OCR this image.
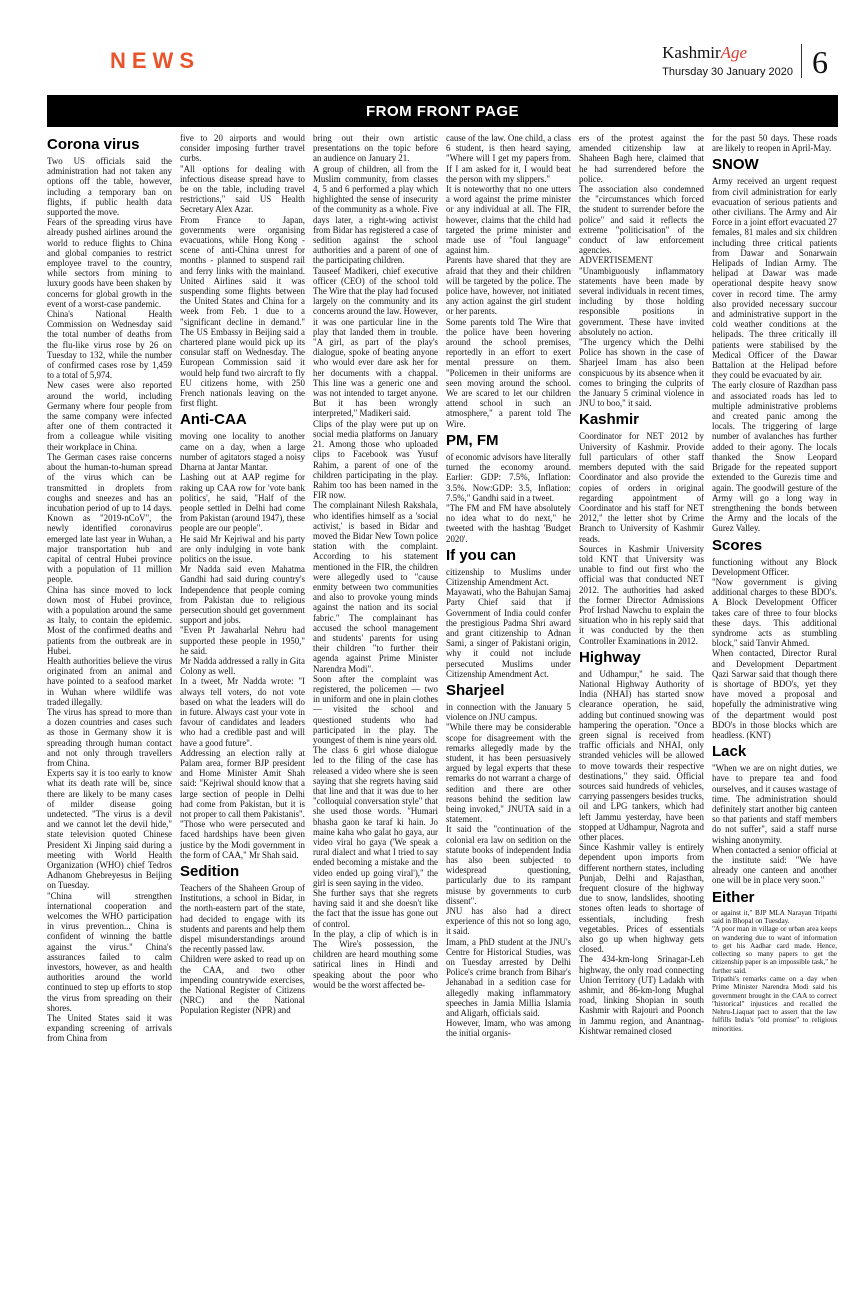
NEWS	KashmirAge
Thursday 30 January 2020 6
FROM FRONT PAGE
Corona virus

Two US officials said the administration had not taken any options off the table, however, including a temporary ban on flights, if public health data supported the move.

Fears of the spreading virus have already pushed airlines around the world to reduce flights to China and global companies to restrict employee travel to the country, while sectors from mining to luxury goods have been shaken by concerns for global growth in the event of a worst-case pandemic.

China's National Health Commission on Wednesday said the total number of deaths from the flu-like virus rose by 26 on Tuesday to 132, while the number of confirmed cases rose by 1,459 to a total of 5,974.

New cases were also reported around the world, including Germany where four people from the same company were infected after one of them contracted it from a colleague while visiting their workplace in China.

The German cases raise concerns about the human-to-human spread of the virus which can be transmitted in droplets from coughs and sneezes and has an incubation period of up to 14 days. Known as "2019-nCoV", the newly identified coronavirus emerged late last year in Wuhan, a major transportation hub and capital of central Hubei province with a population of 11 million people.

China has since moved to lock down most of Hubei province, with a population around the same as Italy, to contain the epidemic. Most of the confirmed deaths and patients from the outbreak are in Hubei.

Health authorities believe the virus originated from an animal and have pointed to a seafood market in Wuhan where wildlife was traded illegally.

The virus has spread to more than a dozen countries and cases such as those in Germany show it is spreading through human contact and not only through travellers from China.

Experts say it is too early to know what its death rate will be, since there are likely to be many cases of milder disease going undetected. "The virus is a devil and we cannot let the devil hide," state television quoted Chinese President Xi Jinping said during a meeting with World Health Organization (WHO) chief Tedros Adhanom Ghebreyesus in Beijing on Tuesday.

"China will strengthen international cooperation and welcomes the WHO participation in virus prevention... China is confident of winning the battle against the virus." China's assurances failed to calm investors, however, as and health authorities around the world continued to step up efforts to stop the virus from spreading on their shores.

The United States said it was expanding screening of arrivals from China from

five to 20 airports and would consider imposing further travel curbs.

"All options for dealing with infectious disease spread have to be on the table, including travel restrictions," said US Health Secretary Alex Azar.

From France to Japan, governments were organising evacuations, while Hong Kong - scene of anti-China unrest for months - planned to suspend rail and ferry links with the mainland. United Airlines said it was suspending some flights between the United States and China for a week from Feb. 1 due to a "significant decline in demand." The US Embassy in Beijing said a chartered plane would pick up its consular staff on Wednesday. The European Commission said it would help fund two aircraft to fly EU citizens home, with 250 French nationals leaving on the first flight.

Anti-CAA

moving one locality to another came on a day, when a large number of agitators staged a noisy Dharna at Jantar Mantar.

Lashing out at AAP regime for raking up CAA row for 'vote bank politics', he said, "Half of the people settled in Delhi had come from Pakistan (around 1947), these people are our people".

He said Mr Kejriwal and his party are only indulging in vote bank politics on the issue.

Mr Nadda said even Mahatma Gandhi had said during country's Independence that people coming from Pakistan due to religious persecution should get government support and jobs.

"Even Pt Jawaharlal Nehru had supported these people in 1950," he said.

Mr Nadda addressed a rally in Gita Colony as well.

In a tweet, Mr Nadda wrote: "I always tell voters, do not vote based on what the leaders will do in future. Always cast your vote in favour of candidates and leaders who had a credible past and will have a good future".

Addressing an election rally at Palam area, former BJP president and Home Minister Amit Shah said: "Kejriwal should know that a large section of people in Delhi had come from Pakistan, but it is not proper to call them Pakistanis".

"Those who were persecuted and faced hardships have been given justice by the Modi government in the form of CAA," Mr Shah said.

Sedition

Teachers of the Shaheen Group of Institutions, a school in Bidar, in the north-eastern part of the state, had decided to engage with its students and parents and help them dispel misunderstandings around the recently passed law.

Children were asked to read up on the CAA, and two other impending countrywide exercises, the National Register of Citizens (NRC) and the National Population Register (NPR) and

bring out their own artistic presentations on the topic before an audience on January 21.

A group of children, all from the Muslim community, from classes 4, 5 and 6 performed a play which highlighted the sense of insecurity of the community as a whole. Five days later, a right-wing activist from Bidar has registered a case of sedition against the school authorities and a parent of one of the participating children.

Tauseef Madikeri, chief executive officer (CEO) of the school told The Wire that the play had focused largely on the community and its concerns around the law. However, it was one particular line in the play that landed them in trouble. "A girl, as part of the play's dialogue, spoke of beating anyone who would ever dare ask her for her documents with a chappal. This line was a generic one and was not intended to target anyone. But it has been wrongly interpreted," Madikeri said.

Clips of the play were put up on social media platforms on January 21. Among those who uploaded clips to Facebook was Yusuf Rahim, a parent of one of the children participating in the play. Rahim too has been named in the FIR now.

The complainant Nilesh Rakshala, who identifies himself as a 'social activist,' is based in Bidar and moved the Bidar New Town police station with the complaint. According to his statement mentioned in the FIR, the children were allegedly used to "cause enmity between two communities and also to provoke young minds against the nation and its social fabric." The complainant has accused the school management and students' parents for using their children "to further their agenda against Prime Minister Narendra Modi".

Soon after the complaint was registered, the policemen — two in uniform and one in plain clothes — visited the school and questioned students who had participated in the play. The youngest of them is nine years old.

The class 6 girl whose dialogue led to the filing of the case has released a video where she is seen saying that she regrets having said that line and that it was due to her "colloquial conversation style" that she used those words. "Humari bhasha gaon ke taraf ki hain. Jo maine kaha who galat ho gaya, aur video viral ho gaya ('We speak a rural dialect and what I tried to say ended becoming a mistake and the video ended up going viral')," the girl is seen saying in the video.

She further says that she regrets having said it and she doesn't like the fact that the issue has gone out of control.

In the play, a clip of which is in The Wire's possession, the children are heard mouthing some satirical lines in Hindi and speaking about the poor who would be the worst affected be-

cause of the law. One child, a class 6 student, is then heard saying, "Where will I get my papers from. If I am asked for it, I would beat the person with my slippers."

It is noteworthy that no one utters a word against the prime minister or any individual at all. The FIR, however, claims that the child had targeted the prime minister and made use of "foul language" against him.

Parents have shared that they are afraid that they and their children will be targeted by the police. The police have, however, not initiated any action against the girl student or her parents.

Some parents told The Wire that the police have been hovering around the school premises, reportedly in an effort to exert mental pressure on them. "Policemen in their uniforms are seen moving around the school. We are scared to let our children attend school in such an atmosphere," a parent told The Wire.

PM, FM

of economic advisors have literally turned the economy around. Earlier: GDP: 7.5%, Inflation: 3.5%. Now:GDP: 3.5, Inflation: 7.5%," Gandhi said in a tweet.

"The FM and FM have absolutely no idea what to do next," he tweeted with the hashtag 'Budget 2020'.

If you can

citizenship to Muslims under Citizenship Amendment Act.

Mayawati, who the Bahujan Samaj Party Chief said that if Government of India could confer the prestigious Padma Shri award and grant citizenship to Adnan Sami, a singer of Pakistani origin, why it could not include persecuted Muslims under Citizenship Amendment Act.

Sharjeel

in connection with the January 5 violence on JNU campus.

"While there may be considerable scope for disagreement with the remarks allegedly made by the student, it has been persuasively argued by legal experts that these remarks do not warrant a charge of sedition and there are other reasons behind the sedition law being invoked," JNUTA said in a statement.

It said the "continuation of the colonial era law on sedition on the statute books of independent India has also been subjected to widespread questioning, particularly due to its rampant misuse by governments to curb dissent".

JNU has also had a direct experience of this not so long ago, it said.

Imam, a PhD student at the JNU's Centre for Historical Studies, was on Tuesday arrested by Delhi Police's crime branch from Bihar's Jehanabad in a sedition case for allegedly making inflammatory speeches in Jamia Millia Islamia and Aligarh, officials said.

However, Imam, who was among the initial organis-

ers of the protest against the amended citizenship law at Shaheen Bagh here, claimed that he had surrendered before the police.

The association also condemned the "circumstances which forced the student to surrender before the police" and said it reflects the extreme "politicisation" of the conduct of law enforcement agencies.

ADVERTISEMENT

"Unambiguously inflammatory statements have been made by several individuals in recent times, including by those holding responsible positions in government. These have invited absolutely no action.

"The urgency which the Delhi Police has shown in the case of Sharjeel Imam has also been conspicuous by its absence when it comes to bringing the culprits of the January 5 criminal violence in JNU to boo," it said.

Kashmir

Coordinator for NET 2012 by University of Kashmir. Provide full particulars of other staff members deputed with the said Coordinator and also provide the copies of orders in original regarding appointment of Coordinator and his staff for NET 2012," the letter shot by Crime Branch to University of Kashmir reads.

Sources in Kashmir University told KNT that University was unable to find out first who the official was that conducted NET 2012. The authorities had asked the former Director Admissions Prof Irshad Nawchu to explain the situation who in his reply said that it was conducted by the then Controller Examinations in 2012.

Highway

and Udhampur," he said. The National Highway Authority of India (NHAI) has started snow clearance operation, he said, adding but continued snowing was hampering the operation. "Once a green signal is received from traffic officials and NHAI, only stranded vehicles will be allowed to move towards their respective destinations," they said. Official sources said hundreds of vehicles, carrying passengers besides trucks, oil and LPG tankers, which had left Jammu yesterday, have been stopped at Udhampur, Nagrota and other places.

Since Kashmir valley is entirely dependent upon imports from different northern states, including Punjab, Delhi and Rajasthan, frequent closure of the highway due to snow, landslides, shooting stones often leads to shortage of essentials, including fresh vegetables. Prices of essentials also go up when highway gets closed.

The 434-km-long Srinagar-Leh highway, the only road connecting Union Territory (UT) Ladakh with ashmir, and 86-km-long Mughal road, linking Shopian in south Kashmir with Rajouri and Poonch in Jammu region, and Anantnag-Kishtwar remained closed

for the past 50 days. These roads are likely to reopen in April-May.

SNOW

Army received an urgent request from civil administration for early evacuation of serious patients and other civilians. The Army and Air Force in a joint effort evacuated 27 females, 81 males and six children including three critical patients from Dawar and Sonarwain Helipads of Indian Army. The helipad at Dawar was made operational despite heavy snow cover in record time. The army also provided necessary succour and administrative support in the cold weather conditions at the helipads. The three critically ill patients were stabilised by the Medical Officer of the Dawar Battalion at the Helipad before they could be evacuated by air.

The early closure of Razdhan pass and associated roads has led to multiple administrative problems and created panic among the locals. The triggering of large number of avalanches has further added to their agony. The locals thanked the Snow Leopard Brigade for the repeated support extended to the Gurezis time and again. The goodwill gesture of the Army will go a long way in strengthening the bonds between the Army and the locals of the Gurez Valley.

Scores

functioning without any Block Development Officer.

"Now government is giving additional charges to these BDO's. A Block Development Officer takes care of three to four blocks these days. This additional syndrome acts as stumbling block," said Tanvir Ahmed.

When contacted, Director Rural and Development Department Qazi Sarwar said that though there is shortage of BDO's, yet they have moved a proposal and hopefully the administrative wing of the department would post BDO's in those blocks which are headless. (KNT)

Lack

"When we are on night duties, we have to prepare tea and food ourselves, and it causes wastage of time. The administration should definitely start another big canteen so that patients and staff members do not suffer", said a staff nurse wishing anonymity.

When contacted a senior official at the institute said: "We have already one canteen and another one will be in place very soon."

Either

or against it," BJP MLA Narayan Tripathi said in Bhopal on Tuesday.

"A poor man in village or urban area keeps on wandering due to want of information to get his Aadhar card made. Hence, collecting so many papers to get the citizenship paper is an impossible task," he further said.

Tripathi's remarks came on a day when Prime Minister Narendra Modi said his government brought in the CAA to correct "historical" injustices and recalled the Nehru-Liaquat pact to assert that the law fulfills India's "old promise" to religious minorities.
